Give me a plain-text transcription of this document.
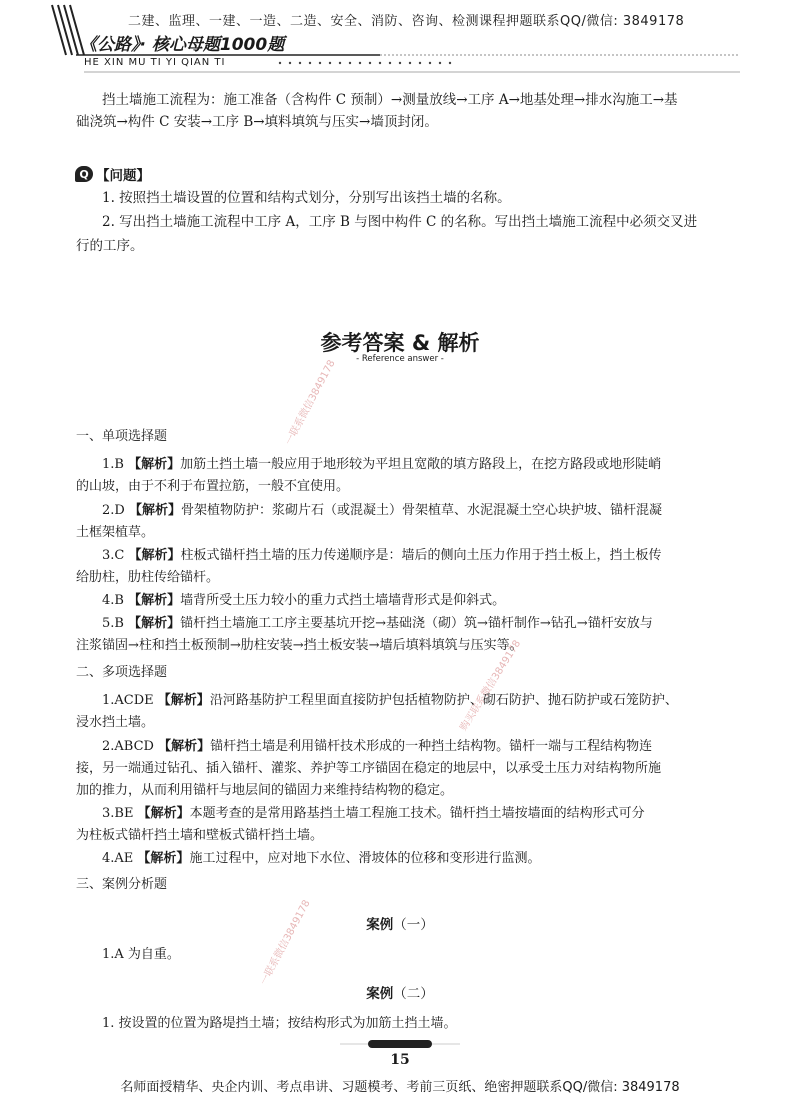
二建、监理、一建、一造、二造、安全、消防、咨询、检测课程押题联系QQ/微信: 3849178
《公路》· 核心母题1000题
HE XIN MU TI YI QIAN TI
挡土墙施工流程为：施工准备（含构件 C 预制）→测量放线→工序 A→地基处理→排水沟施工→基
础浇筑→构件 C 安装→工序 B→填料填筑与压实→墙顶封闭。
Q 【问题】
1. 按照挡土墙设置的位置和结构式划分，分别写出该挡土墙的名称。
2. 写出挡土墙施工流程中工序 A，工序 B 与图中构件 C 的名称。写出挡土墙施工流程中必须交叉进
行的工序。
参考答案 & 解析
- Reference answer -
一联系微信3849178
购买联系微信3849178
一联系微信3849178
一、单项选择题
1.B 【解析】加筋土挡土墙一般应用于地形较为平坦且宽敞的填方路段上，在挖方路段或地形陡峭
的山坡，由于不利于布置拉筋，一般不宜使用。
2.D 【解析】骨架植物防护：浆砌片石（或混凝土）骨架植草、水泥混凝土空心块护坡、锚杆混凝
土框架植草。
3.C 【解析】柱板式锚杆挡土墙的压力传递顺序是：墙后的侧向土压力作用于挡土板上，挡土板传
给肋柱，肋柱传给锚杆。
4.B 【解析】墙背所受土压力较小的重力式挡土墙墙背形式是仰斜式。
5.B 【解析】锚杆挡土墙施工工序主要基坑开挖→基础浇（砌）筑→锚杆制作→钻孔→锚杆安放与
注浆锚固→柱和挡土板预制→肋柱安装→挡土板安装→墙后填料填筑与压实等。
二、多项选择题
1.ACDE 【解析】沿河路基防护工程里面直接防护包括植物防护、砌石防护、抛石防护或石笼防护、
浸水挡土墙。
2.ABCD 【解析】锚杆挡土墙是利用锚杆技术形成的一种挡土结构物。锚杆一端与工程结构物连
接，另一端通过钻孔、插入锚杆、灌浆、养护等工序锚固在稳定的地层中，以承受土压力对结构物所施
加的推力，从而利用锚杆与地层间的锚固力来维持结构物的稳定。
3.BE 【解析】本题考查的是常用路基挡土墙工程施工技术。锚杆挡土墙按墙面的结构形式可分
为柱板式锚杆挡土墙和壁板式锚杆挡土墙。
4.AE 【解析】施工过程中，应对地下水位、滑坡体的位移和变形进行监测。
三、案例分析题
案例（一）
1.A 为自重。
案例（二）
1. 按设置的位置为路堤挡土墙；按结构形式为加筋土挡土墙。
15
名师面授精华、央企内训、考点串讲、习题模考、考前三页纸、绝密押题联系QQ/微信: 3849178
